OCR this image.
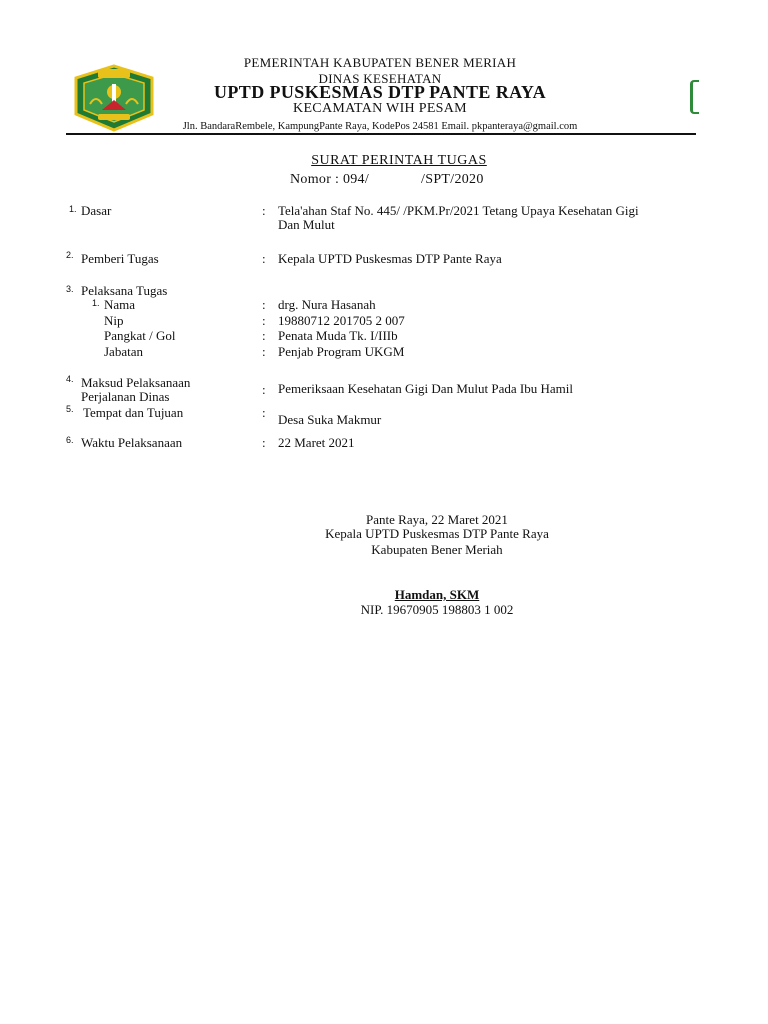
PEMERINTAH KABUPATEN BENER MERIAH
DINAS KESEHATAN
UPTD PUSKESMAS DTP PANTE RAYA
KECAMATAN WIH PESAM
Jln. BandaraRembele, KampungPante Raya, KodePos 24581 Email. pkpanteraya@gmail.com
SURAT PERINTAH TUGAS
Nomor : 094/	/SPT/2020
1. Dasar	: Tela'ahan Staf No. 445/ /PKM.Pr/2021 Tetang Upaya Kesehatan Gigi
Dan Mulut
2. Pemberi Tugas	: Kepala UPTD Puskesmas DTP Pante Raya
3. Pelaksana Tugas
1. Nama	: drg. Nura Hasanah
Nip	: 19880712 201705 2 007
Pangkat / Gol	: Penata Muda Tk. I/IIIb
Jabatan	: Penjab Program UKGM
4. Maksud Pelaksanaan
Perjalanan Dinas	: Pemeriksaan Kesehatan Gigi Dan Mulut Pada Ibu Hamil
5. Tempat dan Tujuan	: Desa Suka Makmur
6. Waktu Pelaksanaan	: 22 Maret 2021
Pante Raya, 22 Maret 2021
Kepala UPTD Puskesmas DTP Pante Raya
Kabupaten Bener Meriah
Hamdan, SKM
NIP. 19670905 198803 1 002
